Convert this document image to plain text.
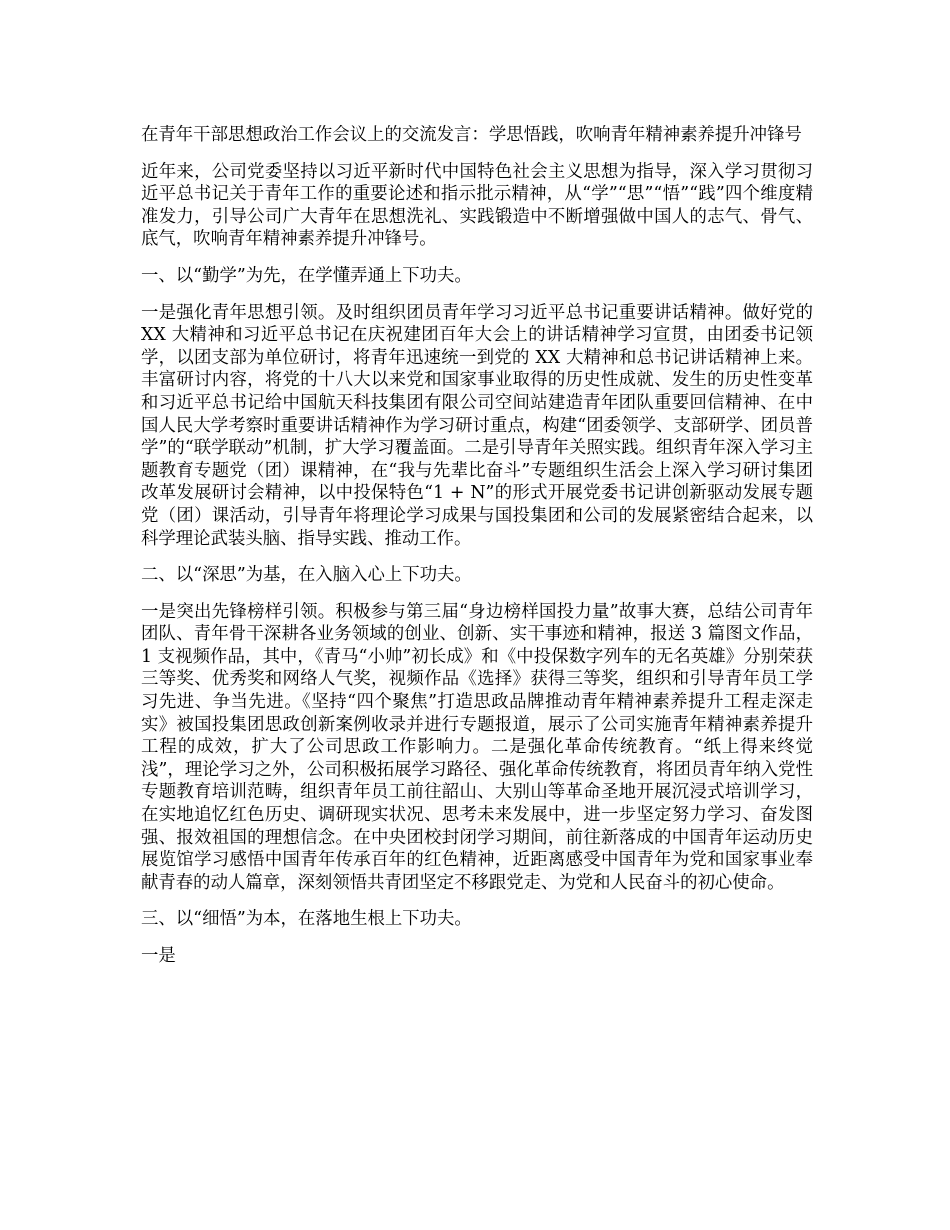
在青年干部思想政治工作会议上的交流发言：学思悟践，吹响青年精神素养提升冲锋号

近年来，公司党委坚持以习近平新时代中国特色社会主义思想为指导，深入学习贯彻习近平总书记关于青年工作的重要论述和指示批示精神，从“学”“思”“悟”“践”四个维度精准发力，引导公司广大青年在思想洗礼、实践锻造中不断增强做中国人的志气、骨气、底气，吹响青年精神素养提升冲锋号。

一、以“勤学”为先，在学懂弄通上下功夫。

一是强化青年思想引领。及时组织团员青年学习习近平总书记重要讲话精神。做好党的 XX 大精神和习近平总书记在庆祝建团百年大会上的讲话精神学习宣贯，由团委书记领学，以团支部为单位研讨，将青年迅速统一到党的 XX 大精神和总书记讲话精神上来。丰富研讨内容，将党的十八大以来党和国家事业取得的历史性成就、发生的历史性变革和习近平总书记给中国航天科技集团有限公司空间站建造青年团队重要回信精神、在中国人民大学考察时重要讲话精神作为学习研讨重点，构建“团委领学、支部研学、团员普学”的“联学联动”机制，扩大学习覆盖面。二是引导青年关照实践。组织青年深入学习主题教育专题党（团）课精神，在“我与先辈比奋斗”专题组织生活会上深入学习研讨集团改革发展研讨会精神，以中投保特色“1 + N”的形式开展党委书记讲创新驱动发展专题党（团）课活动，引导青年将理论学习成果与国投集团和公司的发展紧密结合起来，以科学理论武装头脑、指导实践、推动工作。

二、以“深思”为基，在入脑入心上下功夫。

一是突出先锋榜样引领。积极参与第三届“身边榜样国投力量”故事大赛，总结公司青年团队、青年骨干深耕各业务领域的创业、创新、实干事迹和精神，报送 3 篇图文作品，1 支视频作品，其中，《青马“小帅”初长成》和《中投保数字列车的无名英雄》分别荣获三等奖、优秀奖和网络人气奖，视频作品《选择》获得三等奖，组织和引导青年员工学习先进、争当先进。《坚持“四个聚焦”打造思政品牌推动青年精神素养提升工程走深走实》被国投集团思政创新案例收录并进行专题报道，展示了公司实施青年精神素养提升工程的成效，扩大了公司思政工作影响力。二是强化革命传统教育。“纸上得来终觉浅”，理论学习之外，公司积极拓展学习路径、强化革命传统教育，将团员青年纳入党性专题教育培训范畴，组织青年员工前往韶山、大别山等革命圣地开展沉浸式培训学习，在实地追忆红色历史、调研现实状况、思考未来发展中，进一步坚定努力学习、奋发图强、报效祖国的理想信念。在中央团校封闭学习期间，前往新落成的中国青年运动历史展览馆学习感悟中国青年传承百年的红色精神，近距离感受中国青年为党和国家事业奉献青春的动人篇章，深刻领悟共青团坚定不移跟党走、为党和人民奋斗的初心使命。

三、以“细悟”为本，在落地生根上下功夫。

一是
